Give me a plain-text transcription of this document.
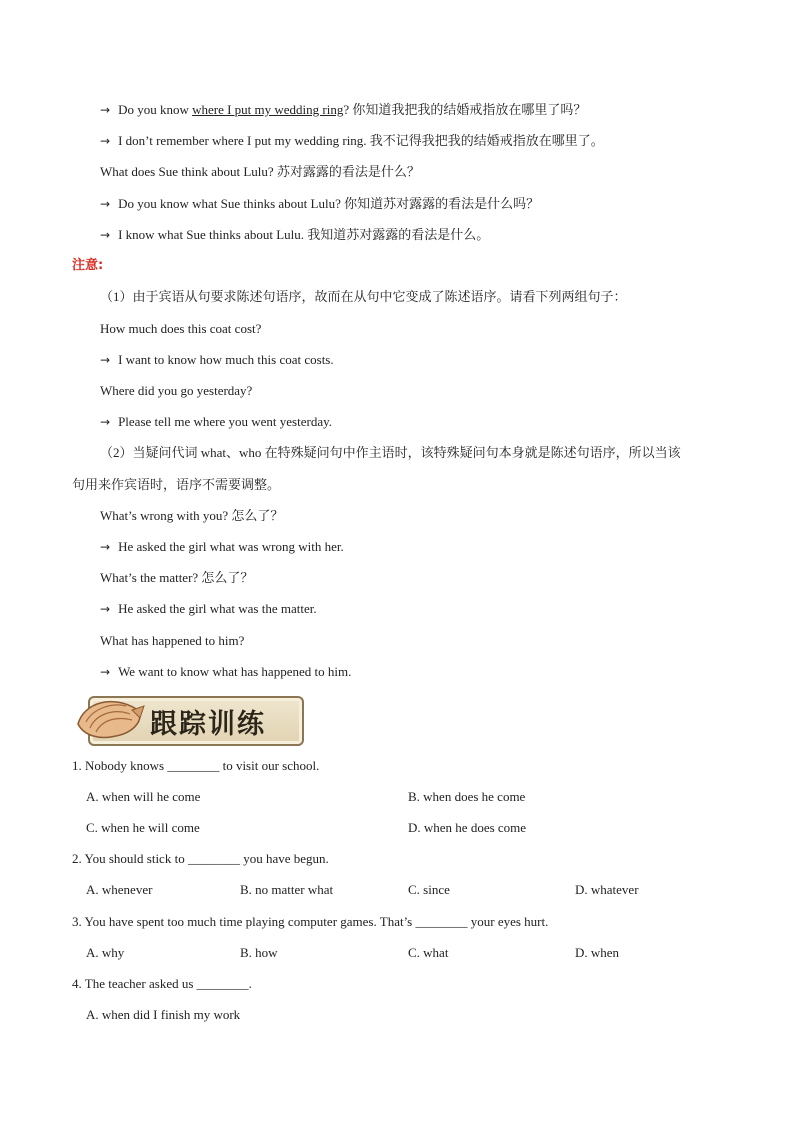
→ Do you know where I put my wedding ring? 你知道我把我的结婚戒指放在哪里了吗？
→ I don’t remember where I put my wedding ring. 我不记得我把我的结婚戒指放在哪里了。
What does Sue think about Lulu? 苏对露露的看法是什么？
→ Do you know what Sue thinks about Lulu? 你知道苏对露露的看法是什么吗？
→ I know what Sue thinks about Lulu. 我知道苏对露露的看法是什么。
注意:
（1）由于宾语从句要求陈述句语序，故而在从句中它变成了陈述语序。请看下列两组句子：
How much does this coat cost?
→ I want to know how much this coat costs.
Where did you go yesterday?
→ Please tell me where you went yesterday.
（2）当疑问代词 what、who 在特殊疑问句中作主语时，该特殊疑问句本身就是陈述句语序，所以当该
句用来作宾语时，语序不需要调整。
What’s wrong with you? 怎么了？
→ He asked the girl what was wrong with her.
What’s the matter? 怎么了？
→ He asked the girl what was the matter.
What has happened to him?
→ We want to know what has happened to him.
跟踪训练
1. Nobody knows ________ to visit our school.
A. when will he come	B. when does he come
C. when he will come	D. when he does come
2. You should stick to ________ you have begun.
A. whenever	B. no matter what	C. since	D. whatever
3. You have spent too much time playing computer games. That’s ________ your eyes hurt.
A. why	B. how	C. what	D. when
4. The teacher asked us ________.
A. when did I finish my work
